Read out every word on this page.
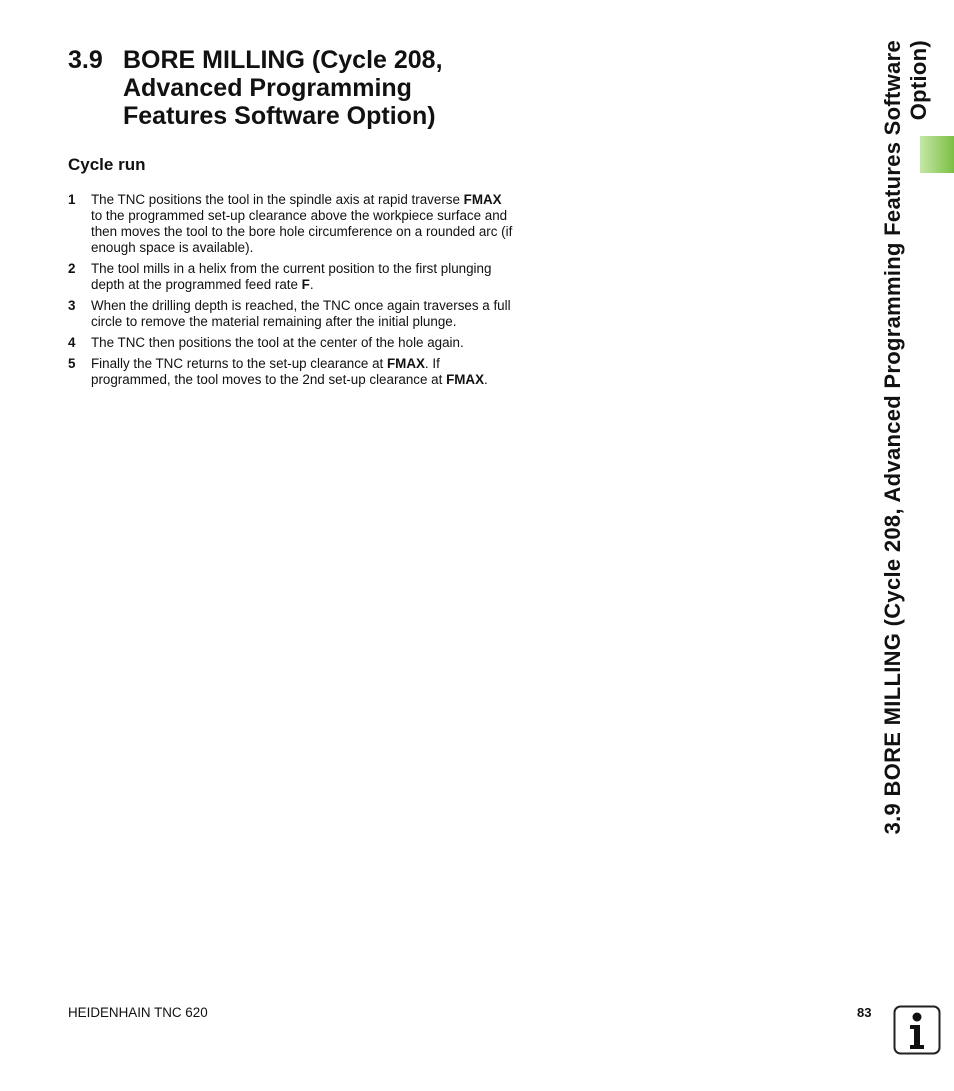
3.9 BORE MILLING (Cycle 208,
Advanced Programming
Features Software Option)
Cycle run
1 The TNC positions the tool in the spindle axis at rapid traverse FMAX to the programmed set-up clearance above the workpiece surface and then moves the tool to the bore hole circumference on a rounded arc (if enough space is available).
2 The tool mills in a helix from the current position to the first plunging depth at the programmed feed rate F.
3 When the drilling depth is reached, the TNC once again traverses a full circle to remove the material remaining after the initial plunge.
4 The TNC then positions the tool at the center of the hole again.
5 Finally the TNC returns to the set-up clearance at FMAX. If programmed, the tool moves to the 2nd set-up clearance at FMAX.	3.9 BORE MILLING (Cycle 208, Advanced Programming Features Software Option)
HEIDENHAIN TNC 620	83
